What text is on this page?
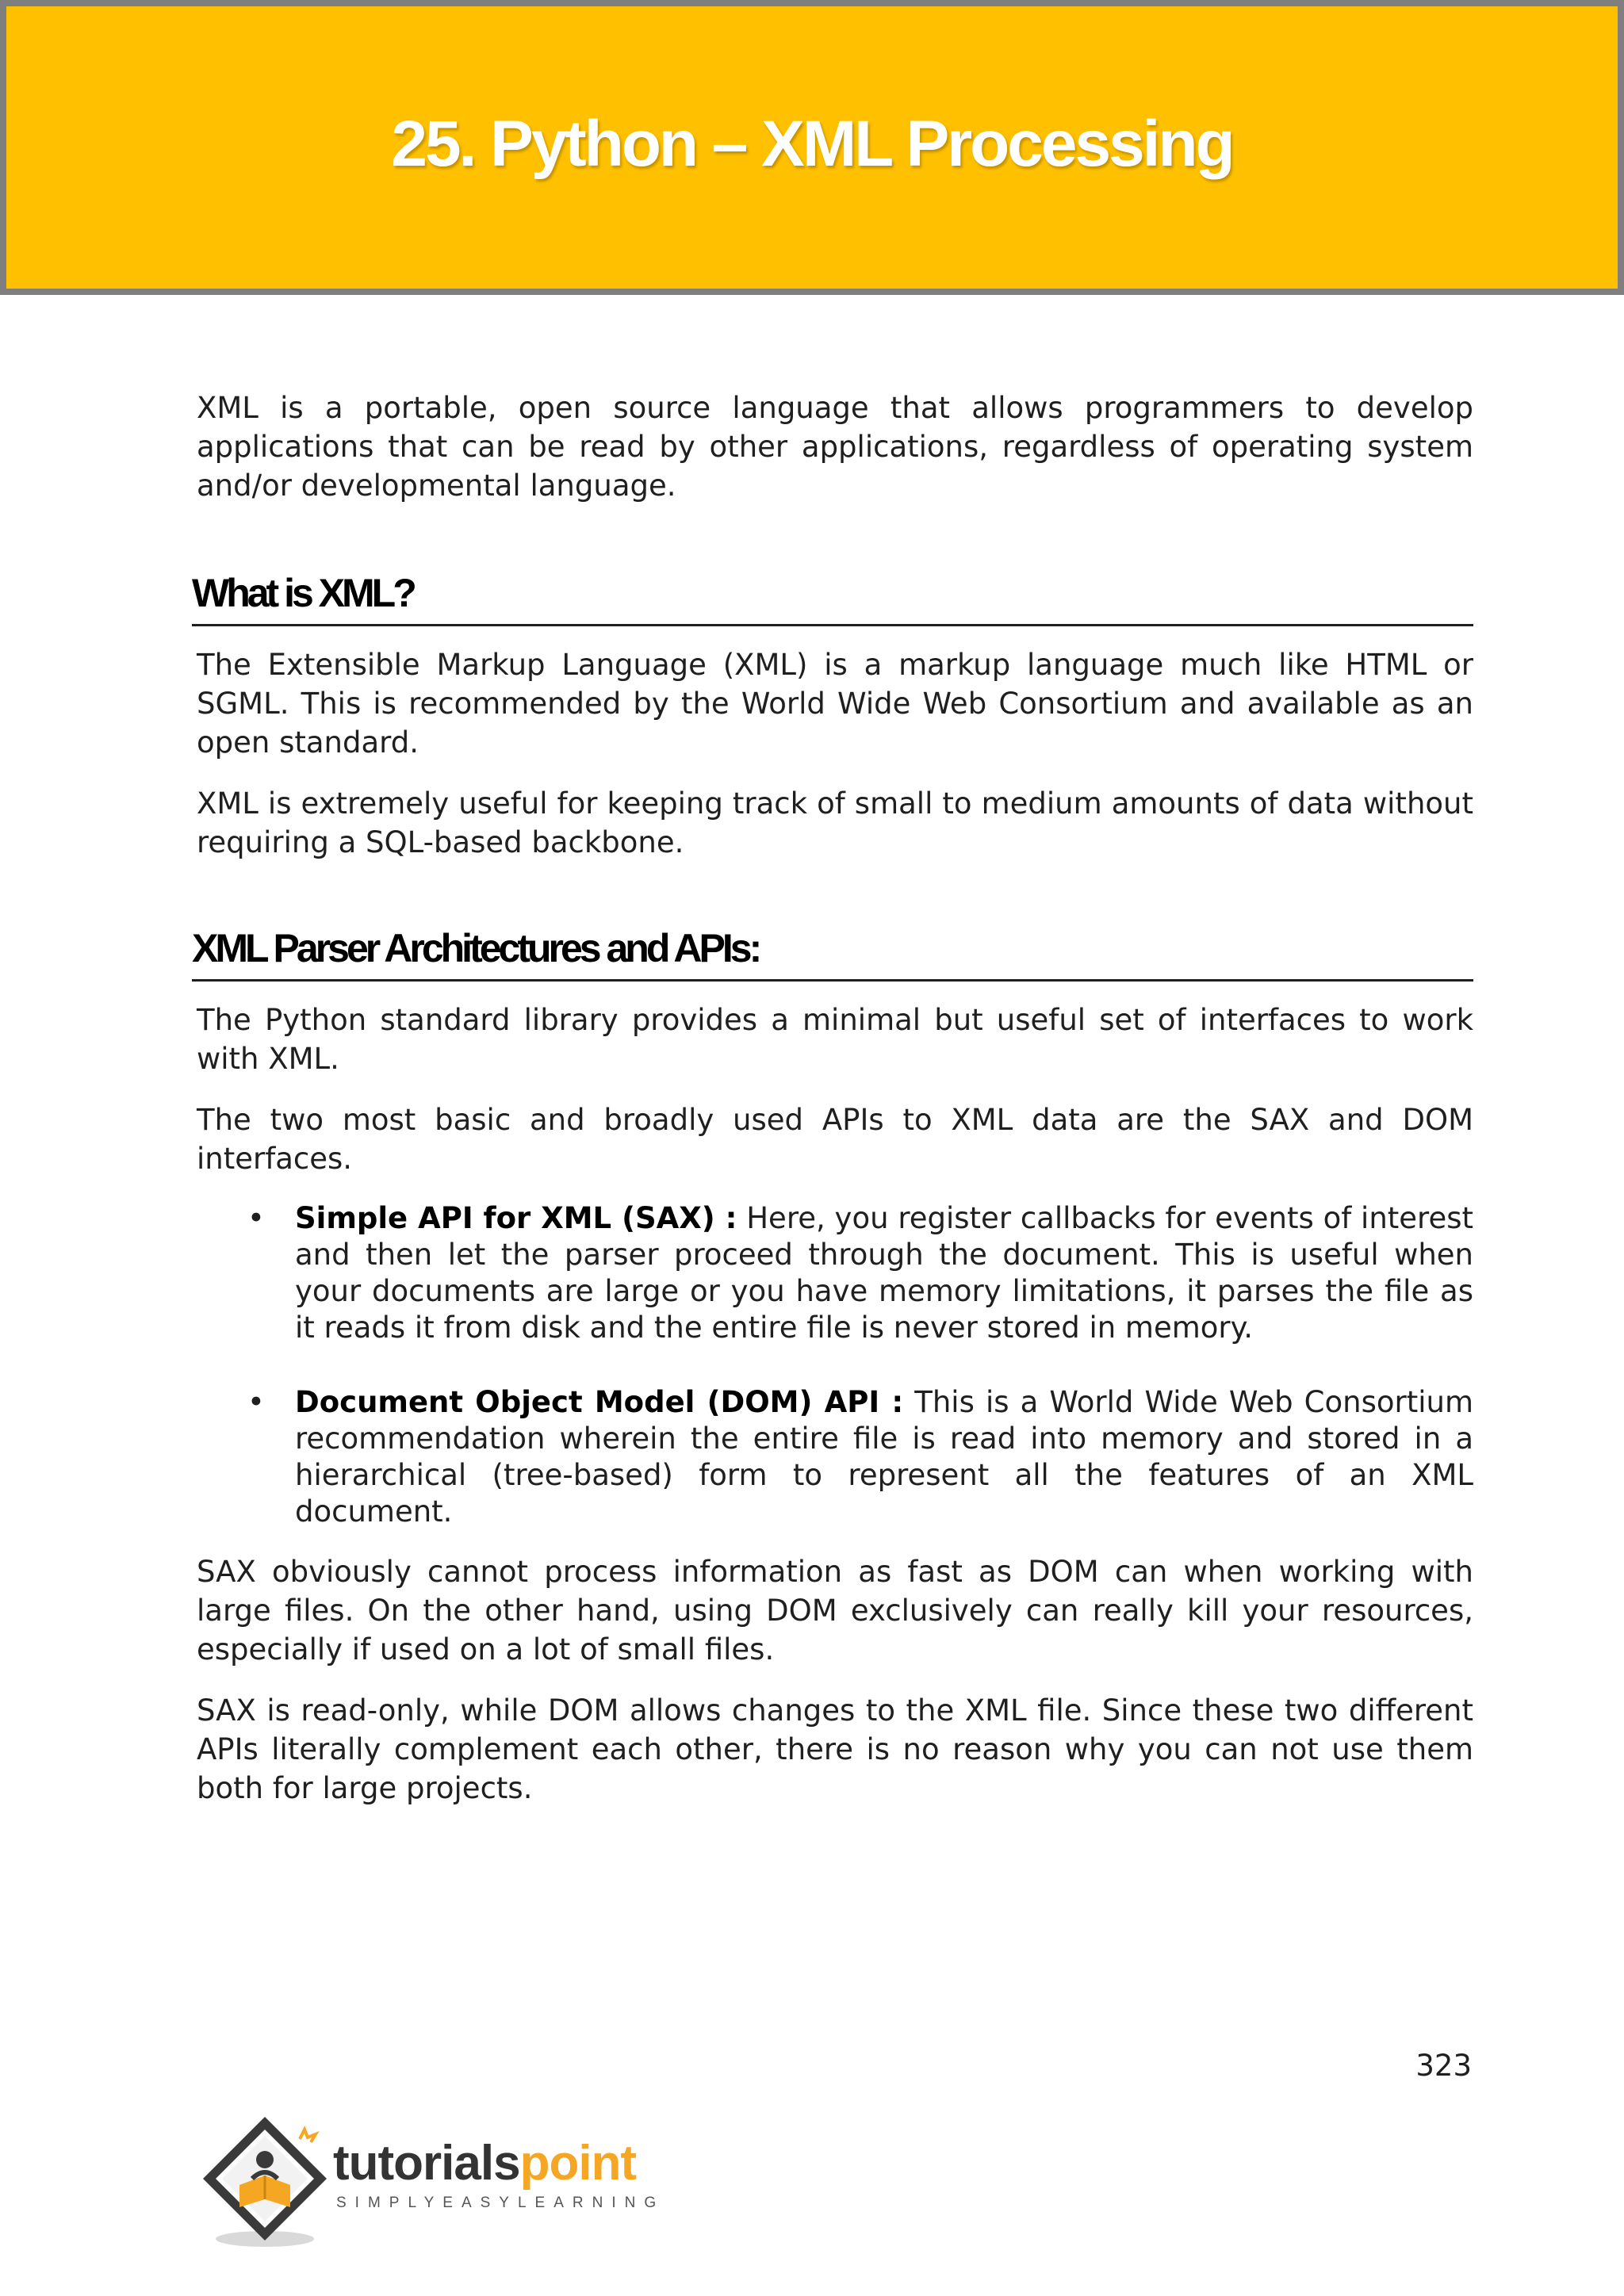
25. Python – XML Processing

XML is a portable, open source language that allows programmers to develop applications that can be read by other applications, regardless of operating system and/or developmental language.

What is XML?

The Extensible Markup Language (XML) is a markup language much like HTML or SGML. This is recommended by the World Wide Web Consortium and available as an open standard.

XML is extremely useful for keeping track of small to medium amounts of data without requiring a SQL-based backbone.

XML Parser Architectures and APIs:

The Python standard library provides a minimal but useful set of interfaces to work with XML.

The two most basic and broadly used APIs to XML data are the SAX and DOM interfaces.

• Simple API for XML (SAX) : Here, you register callbacks for events of interest and then let the parser proceed through the document. This is useful when your documents are large or you have memory limitations, it parses the file as it reads it from disk and the entire file is never stored in memory.
• Document Object Model (DOM) API : This is a World Wide Web Consortium recommendation wherein the entire file is read into memory and stored in a hierarchical (tree-based) form to represent all the features of an XML document.

SAX obviously cannot process information as fast as DOM can when working with large files. On the other hand, using DOM exclusively can really kill your resources, especially if used on a lot of small files.

SAX is read-only, while DOM allows changes to the XML file. Since these two different APIs literally complement each other, there is no reason why you can not use them both for large projects.

323
tutorialspoint
SIMPLYEASYLEARNING
